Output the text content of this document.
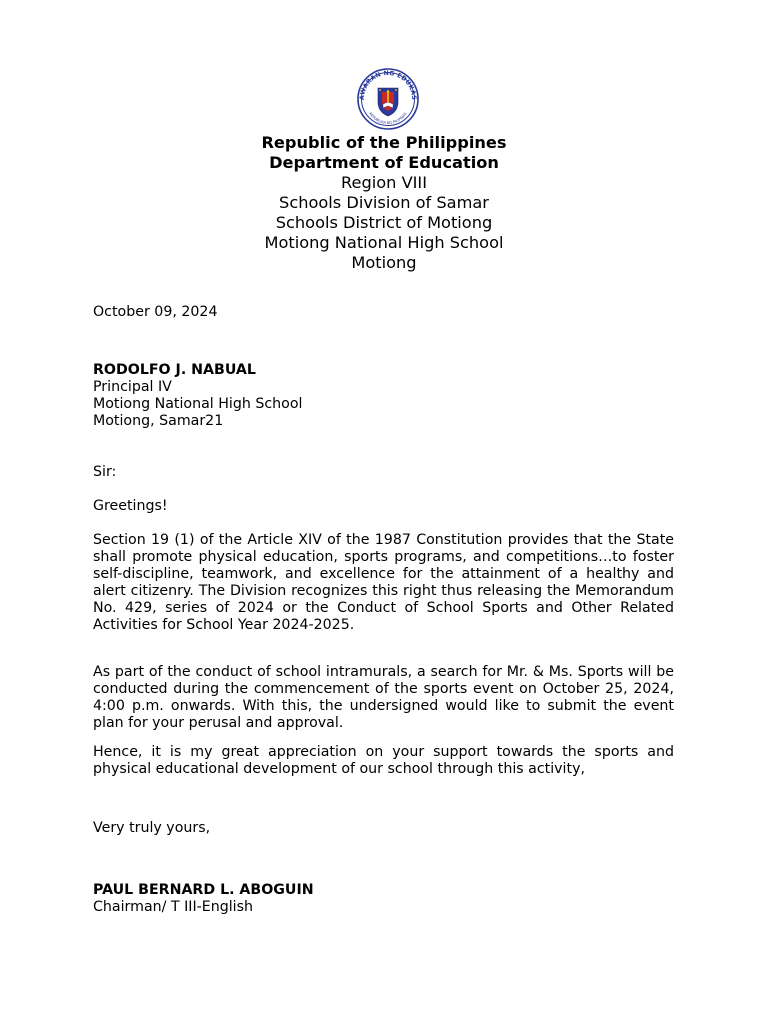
AWARAN NG EDUKAS
REPUBLIKA NG PILIPINAS
Republic of the Philippines
Department of Education
Region VIII
Schools Division of Samar
Schools District of Motiong
Motiong National High School
Motiong
October 09, 2024
RODOLFO J. NABUAL
Principal IV
Motiong National High School
Motiong, Samar21
Sir:
Greetings!
Section 19 (1) of the Article XIV of the 1987 Constitution provides that the State shall promote physical education, sports programs, and competitions…to foster self-discipline, teamwork, and excellence for the attainment of a healthy and alert citizenry. The Division recognizes this right thus releasing the Memorandum No. 429, series of 2024 or the Conduct of School Sports and Other Related Activities for School Year 2024-2025.
As part of the conduct of school intramurals, a search for Mr. & Ms. Sports will be conducted during the commencement of the sports event on October 25, 2024, 4:00 p.m. onwards. With this, the undersigned would like to submit the event plan for your perusal and approval.
Hence, it is my great appreciation on your support towards the sports and physical educational development of our school through this activity,
Very truly yours,
PAUL BERNARD L. ABOGUIN
Chairman/ T III-English
